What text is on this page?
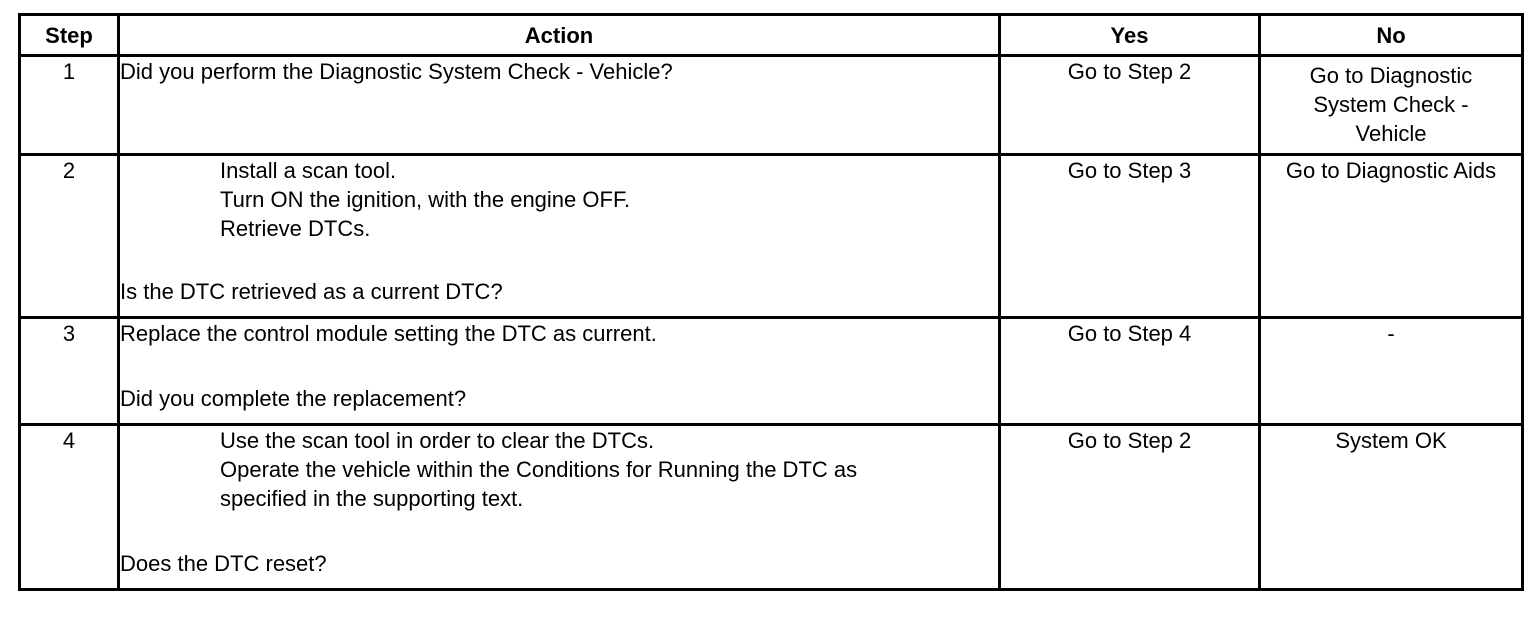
Step	Action	Yes	No
1	Did you perform the Diagnostic System Check - Vehicle?	Go to Step 2	Go to Diagnostic System Check - Vehicle

2	Install a scan tool.
Turn ON the ignition, with the engine OFF.
Retrieve DTCs.
Is the DTC retrieved as a current DTC?	Go to Step 3	Go to Diagnostic Aids
3	Replace the control module setting the DTC as current.
Did you complete the replacement?	Go to Step 4	-
4	Use the scan tool in order to clear the DTCs.
Operate the vehicle within the Conditions for Running the DTC as specified in the supporting text.
Does the DTC reset?	Go to Step 2	System OK
